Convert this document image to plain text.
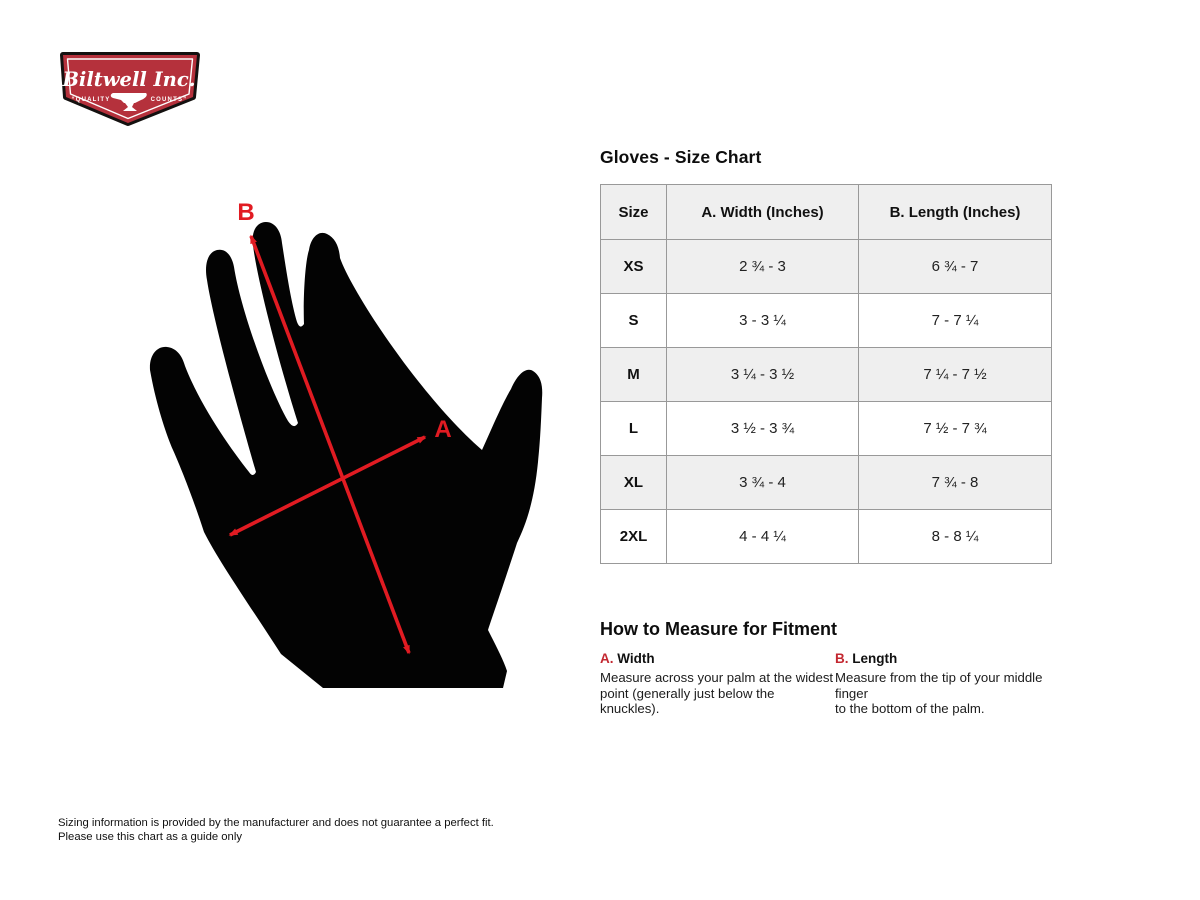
Biltwell Inc.
“QUALITY	COUNTS”
B
A
Gloves - Size Chart
Size	A. Width (Inches)	B. Length (Inches)
XS	2 ¾ - 3	6 ¾ - 7
S	3 - 3 ¼	7 - 7 ¼
M	3 ¼ - 3 ½	7 ¼ - 7 ½
L	3 ½ - 3 ¾	7 ½ - 7 ¾
XL	3 ¾ - 4	7 ¾ - 8
2XL	4 - 4 ¼	8 - 8 ¼
How to Measure for Fitment
A. Width
Measure across your palm at the widest
point (generally just below the knuckles).
B. Length
Measure from the tip of your middle finger
to the bottom of the palm.
Sizing information is provided by the manufacturer and does not guarantee a perfect fit.
Please use this chart as a guide only
